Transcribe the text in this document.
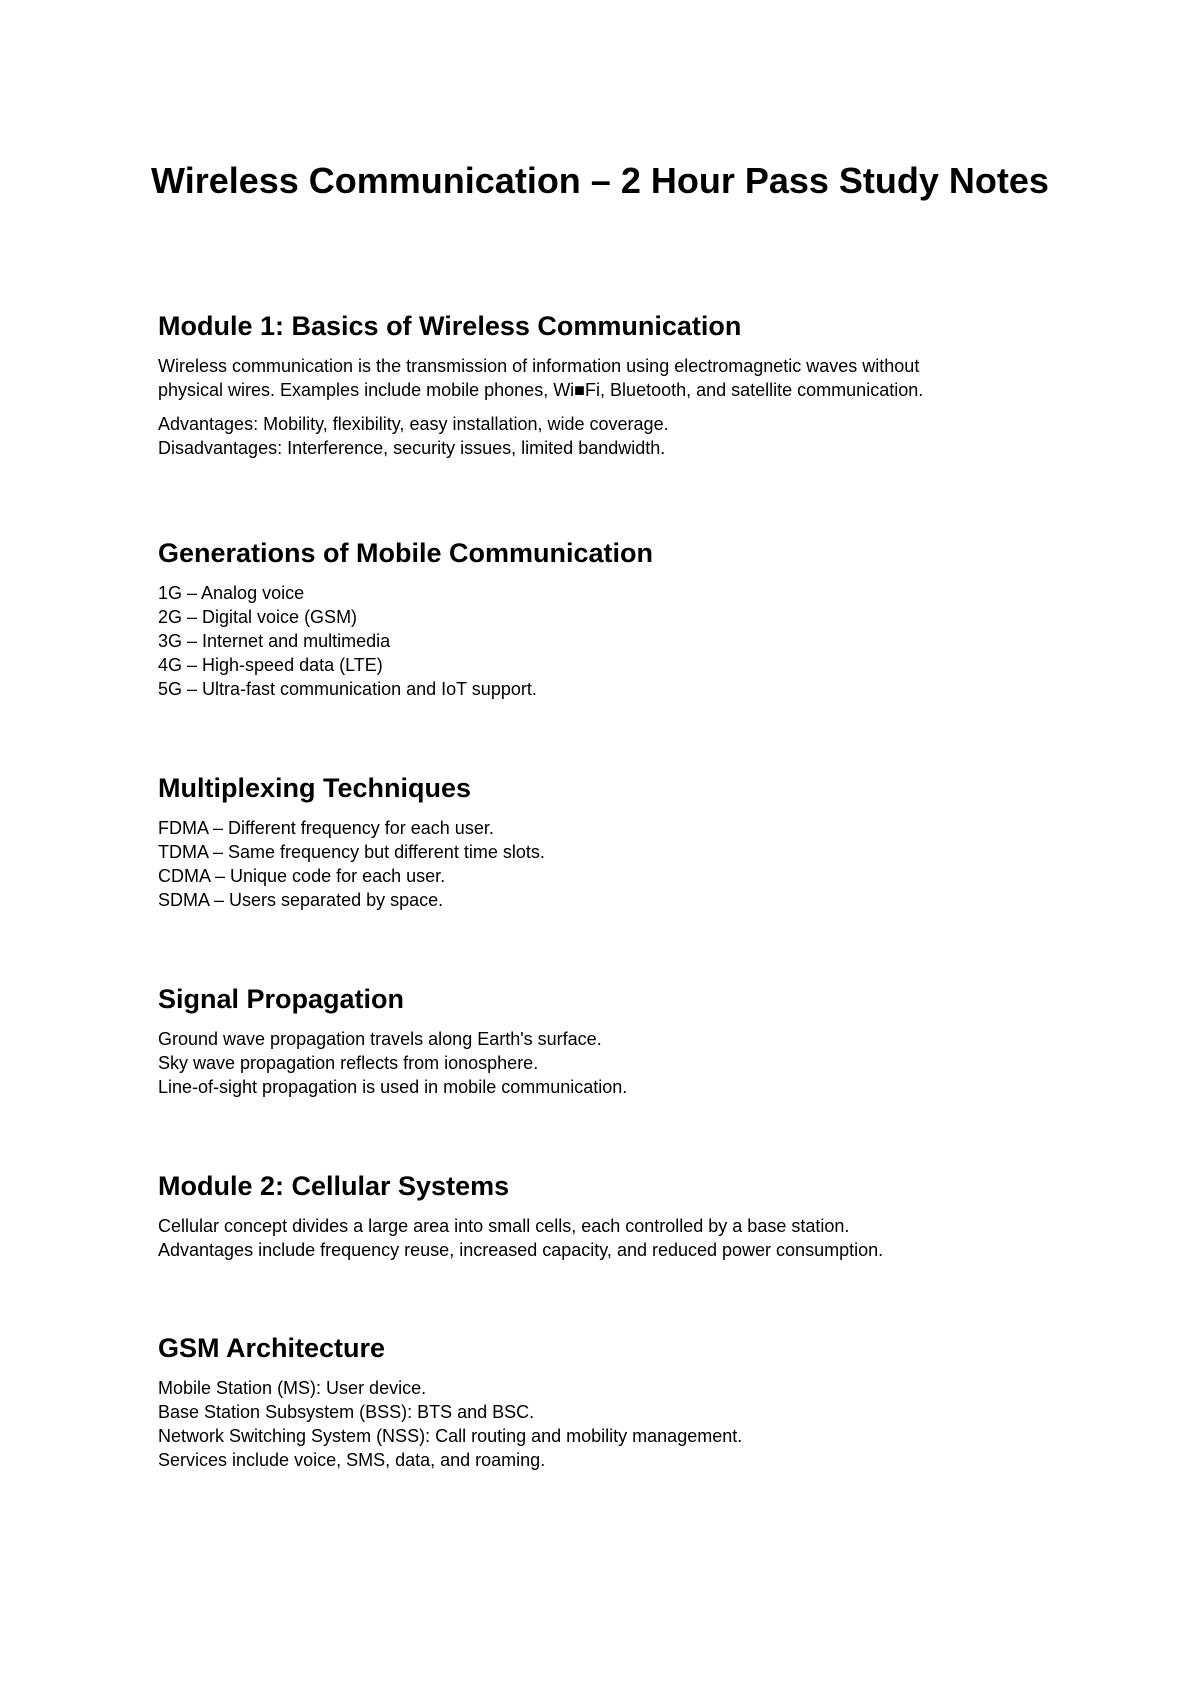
Wireless Communication – 2 Hour Pass Study Notes
Module 1: Basics of Wireless Communication

Wireless communication is the transmission of information using electromagnetic waves without
physical wires. Examples include mobile phones, Wi■Fi, Bluetooth, and satellite communication.

Advantages: Mobility, flexibility, easy installation, wide coverage.
Disadvantages: Interference, security issues, limited bandwidth.

Generations of Mobile Communication

1G – Analog voice
2G – Digital voice (GSM)
3G – Internet and multimedia
4G – High-speed data (LTE)
5G – Ultra-fast communication and IoT support.

Multiplexing Techniques

FDMA – Different frequency for each user.
TDMA – Same frequency but different time slots.
CDMA – Unique code for each user.
SDMA – Users separated by space.

Signal Propagation

Ground wave propagation travels along Earth's surface.
Sky wave propagation reflects from ionosphere.
Line-of-sight propagation is used in mobile communication.

Module 2: Cellular Systems

Cellular concept divides a large area into small cells, each controlled by a base station.
Advantages include frequency reuse, increased capacity, and reduced power consumption.

GSM Architecture

Mobile Station (MS): User device.
Base Station Subsystem (BSS): BTS and BSC.
Network Switching System (NSS): Call routing and mobility management.
Services include voice, SMS, data, and roaming.
